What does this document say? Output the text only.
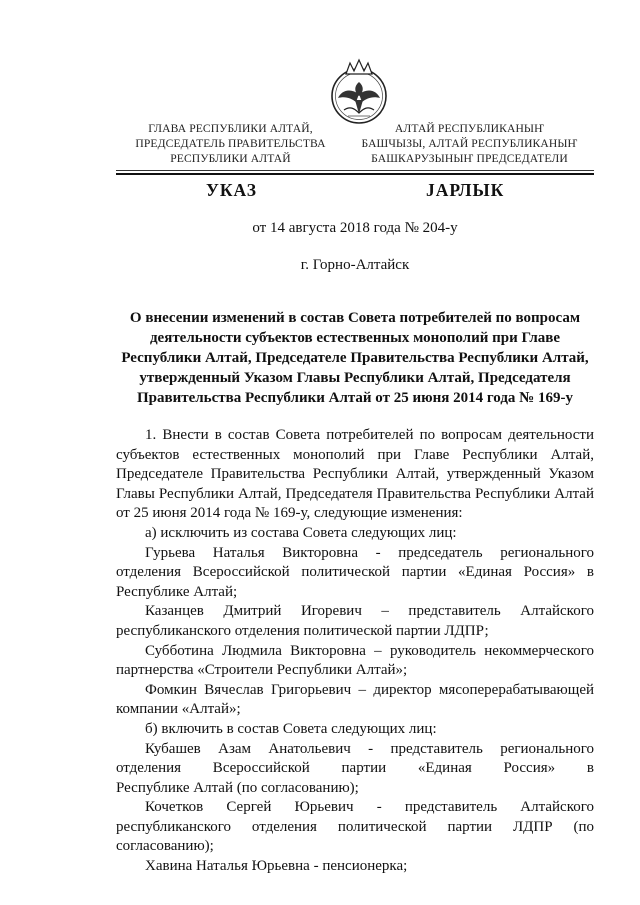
ГЛАВА РЕСПУБЛИКИ АЛТАЙ,
ПРЕДСЕДАТЕЛЬ ПРАВИТЕЛЬСТВА
РЕСПУБЛИКИ АЛТАЙ
АЛТАЙ РЕСПУБЛИКАНЫҤ
БАШЧЫЗЫ, АЛТАЙ РЕСПУБЛИКАНЫҤ
БАШКАРУЗЫНЫҤ ПРЕДСЕДАТЕЛИ
УКАЗ	ЈАРЛЫК
от 14 августа 2018 года № 204-у
г. Горно-Алтайск
О внесении изменений в состав Совета потребителей по вопросам
деятельности субъектов естественных монополий при Главе
Республики Алтай, Председателе Правительства Республики Алтай,
утвержденный Указом Главы Республики Алтай, Председателя
Правительства Республики Алтай от 25 июня 2014 года № 169-у

1. Внести в состав Совета потребителей по вопросам деятельности

субъектов естественных монополий при Главе Республики Алтай,

Председателе Правительства Республики Алтай, утвержденный Указом

Главы Республики Алтай, Председателя Правительства Республики Алтай

от 25 июня 2014 года № 169-у, следующие изменения:

а) исключить из состава Совета следующих лиц:

Гурьева Наталья Викторовна - председатель регионального

отделения Всероссийской политической партии «Единая Россия» в

Республике Алтай;

Казанцев Дмитрий Игоревич – представитель Алтайского

республиканского отделения политической партии ЛДПР;

Субботина Людмила Викторовна – руководитель некоммерческого

партнерства «Строители Республики Алтай»;

Фомкин Вячеслав Григорьевич – директор мясоперерабатывающей

компании «Алтай»;

б) включить в состав Совета следующих лиц:

Кубашев Азам Анатольевич - представитель регионального

отделения Всероссийской партии «Единая Россия» в

Республике Алтай (по согласованию);

Кочетков Сергей Юрьевич - представитель Алтайского

республиканского отделения политической партии ЛДПР (по

согласованию);

Хавина Наталья Юрьевна - пенсионерка;
